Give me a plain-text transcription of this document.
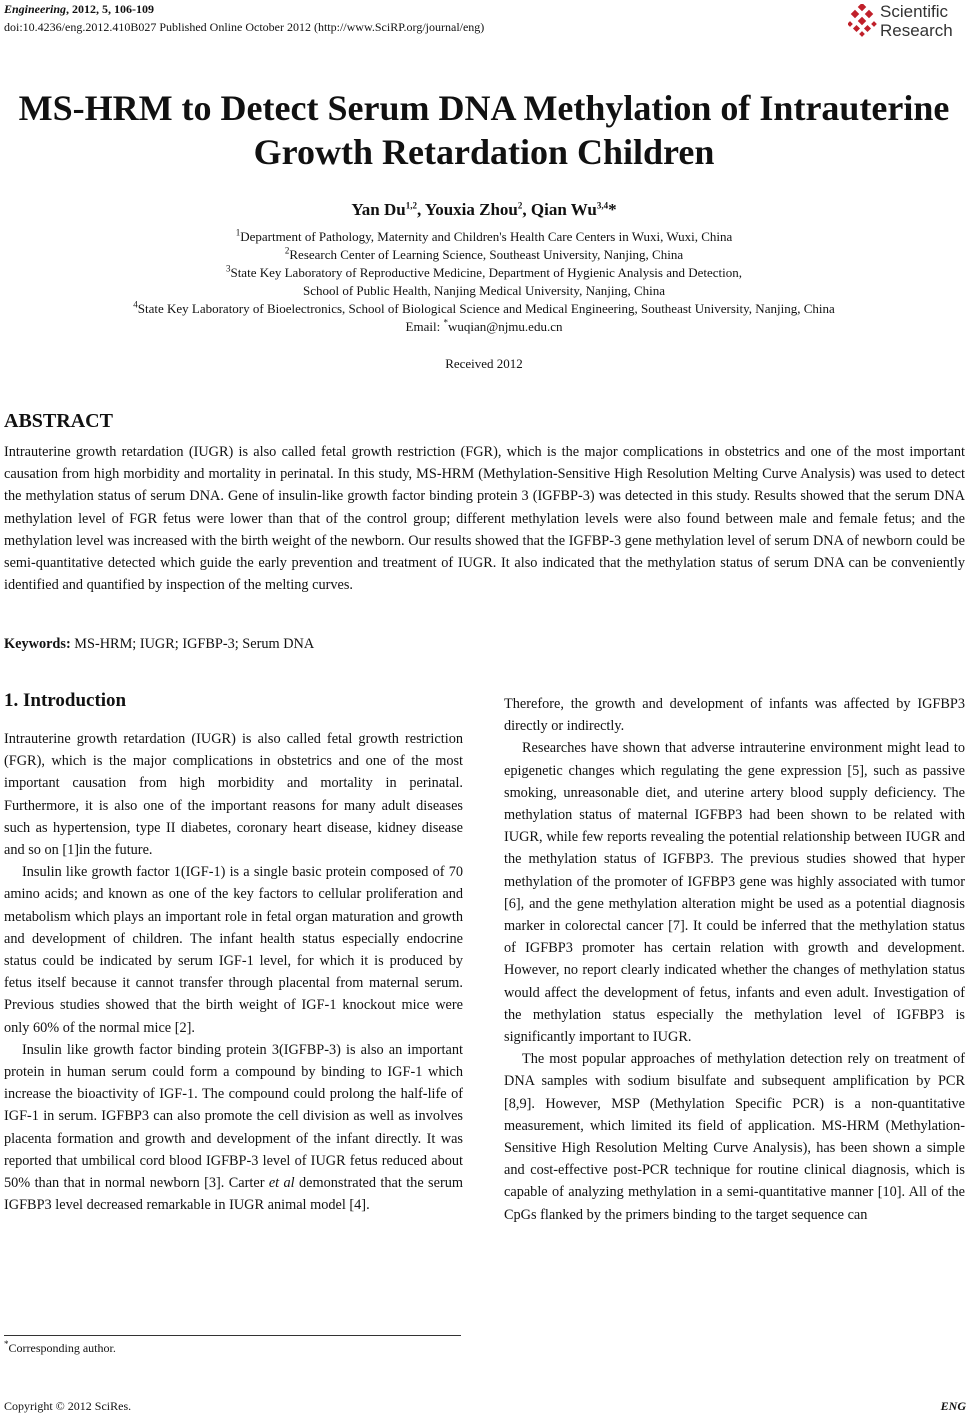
Engineering, 2012, 5, 106-109
doi:10.4236/eng.2012.410B027 Published Online October 2012 (http://www.SciRP.org/journal/eng)
Scientific
Research
MS-HRM to Detect Serum DNA Methylation of Intrauterine
Growth Retardation Children
Yan Du$^{1,2}$, Youxia Zhou$^2$, Qian Wu$^{3,4}$*
$^1$Department of Pathology, Maternity and Children's Health Care Centers in Wuxi, Wuxi, China
$^2$Research Center of Learning Science, Southeast University, Nanjing, China
$^3$State Key Laboratory of Reproductive Medicine, Department of Hygienic Analysis and Detection,
School of Public Health, Nanjing Medical University, Nanjing, China
$^4$State Key Laboratory of Bioelectronics, School of Biological Science and Medical Engineering, Southeast University, Nanjing, China
Email: *wuqian@njmu.edu.cn
Received 2012
ABSTRACT
Intrauterine growth retardation (IUGR) is also called fetal growth restriction (FGR), which is the major complications in obstetrics and one of the most important causation from high morbidity and mortality in perinatal. In this study, MS-HRM (Methylation-Sensitive High Resolution Melting Curve Analysis) was used to detect the methylation status of serum DNA. Gene of insulin-like growth factor binding protein 3 (IGFBP-3) was detected in this study. Results showed that the serum DNA methylation level of FGR fetus were lower than that of the control group; different methylation levels were also found between male and female fetus; and the methylation level was increased with the birth weight of the newborn. Our results showed that the IGFBP-3 gene methylation level of serum DNA of newborn could be semi-quantitative detected which guide the early prevention and treatment of IUGR. It also indicated that the methylation status of serum DNA can be conveniently identified and quantified by inspection of the melting curves.
Keywords: MS-HRM; IUGR; IGFBP-3; Serum DNA
1. Introduction

Intrauterine growth retardation (IUGR) is also called fetal growth restriction (FGR), which is the major complications in obstetrics and one of the most important causation from high morbidity and mortality in perinatal. Furthermore, it is also one of the important reasons for many adult diseases such as hypertension, type II diabetes, coronary heart disease, kidney disease and so on [1]in the future.

Insulin like growth factor 1(IGF-1) is a single basic protein composed of 70 amino acids; and known as one of the key factors to cellular proliferation and metabolism which plays an important role in fetal organ maturation and growth and development of children. The infant health status especially endocrine status could be indicated by serum IGF-1 level, for which it is produced by fetus itself because it cannot transfer through placental from maternal serum. Previous studies showed that the birth weight of IGF-1 knockout mice were only 60% of the normal mice [2].

Insulin like growth factor binding protein 3(IGFBP-3) is also an important protein in human serum could form a compound by binding to IGF-1 which increase the bioactivity of IGF-1. The compound could prolong the half-life of IGF-1 in serum. IGFBP3 can also promote the cell division as well as involves placenta formation and growth and development of the infant directly. It was reported that umbilical cord blood IGFBP-3 level of IUGR fetus reduced about 50% than that in normal newborn [3]. Carter et al demonstrated that the serum IGFBP3 level decreased remarkable in IUGR animal model [4].

Therefore, the growth and development of infants was affected by IGFBP3 directly or indirectly.

Researches have shown that adverse intrauterine environment might lead to epigenetic changes which regulating the gene expression [5], such as passive smoking, unreasonable diet, and uterine artery blood supply deficiency. The methylation status of maternal IGFBP3 had been shown to be related with IUGR, while few reports revealing the potential relationship between IUGR and the methylation status of IGFBP3. The previous studies showed that hyper methylation of the promoter of IGFBP3 gene was highly associated with tumor [6], and the gene methylation alteration might be used as a potential diagnosis marker in colorectal cancer [7]. It could be inferred that the methylation status of IGFBP3 promoter has certain relation with growth and development. However, no report clearly indicated whether the changes of methylation status would affect the development of fetus, infants and even adult. Investigation of the methylation status especially the methylation level of IGFBP3 is significantly important to IUGR.

The most popular approaches of methylation detection rely on treatment of DNA samples with sodium bisulfate and subsequent amplification by PCR [8,9]. However, MSP (Methylation Specific PCR) is a non-quantitative measurement, which limited its field of application. MS-HRM (Methylation-Sensitive High Resolution Melting Curve Analysis), has been shown a simple and cost-effective post-PCR technique for routine clinical diagnosis, which is capable of analyzing methylation in a semi-quantitative manner [10]. All of the CpGs flanked by the primers binding to the target sequence can

*Corresponding author.
Copyright © 2012 SciRes.	ENG
